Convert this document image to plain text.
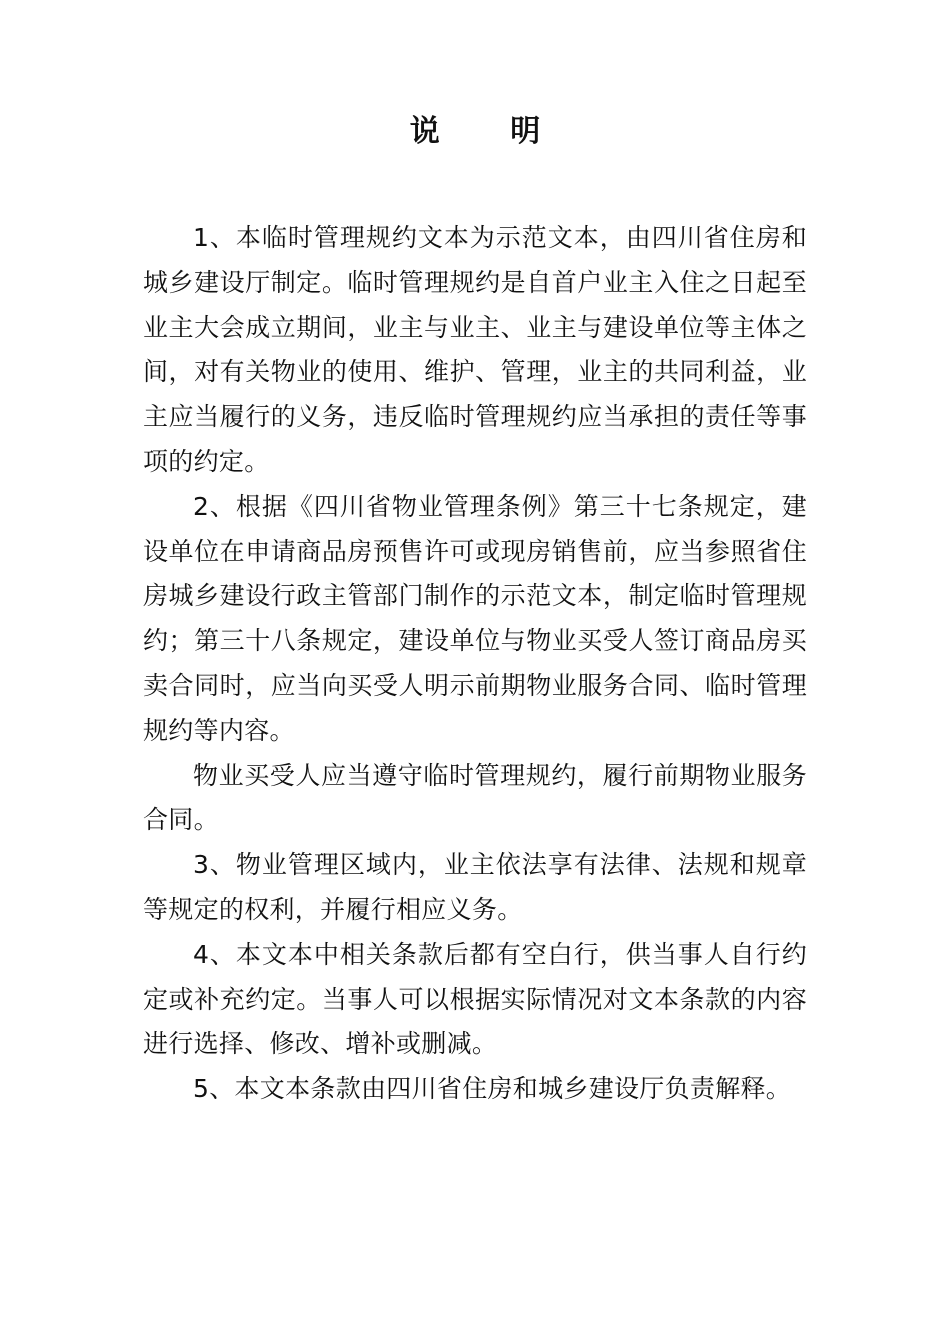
说 明

1、本临时管理规约文本为示范文本，由四川省住房和城乡建设厅制定。临时管理规约是自首户业主入住之日起至业主大会成立期间，业主与业主、业主与建设单位等主体之间，对有关物业的使用、维护、管理，业主的共同利益，业主应当履行的义务，违反临时管理规约应当承担的责任等事项的约定。

2、根据《四川省物业管理条例》第三十七条规定，建设单位在申请商品房预售许可或现房销售前，应当参照省住房城乡建设行政主管部门制作的示范文本，制定临时管理规约；第三十八条规定，建设单位与物业买受人签订商品房买卖合同时，应当向买受人明示前期物业服务合同、临时管理规约等内容。

物业买受人应当遵守临时管理规约，履行前期物业服务合同。

3、物业管理区域内，业主依法享有法律、法规和规章等规定的权利，并履行相应义务。

4、本文本中相关条款后都有空白行，供当事人自行约定或补充约定。当事人可以根据实际情况对文本条款的内容进行选择、修改、增补或删减。

5、本文本条款由四川省住房和城乡建设厅负责解释。
